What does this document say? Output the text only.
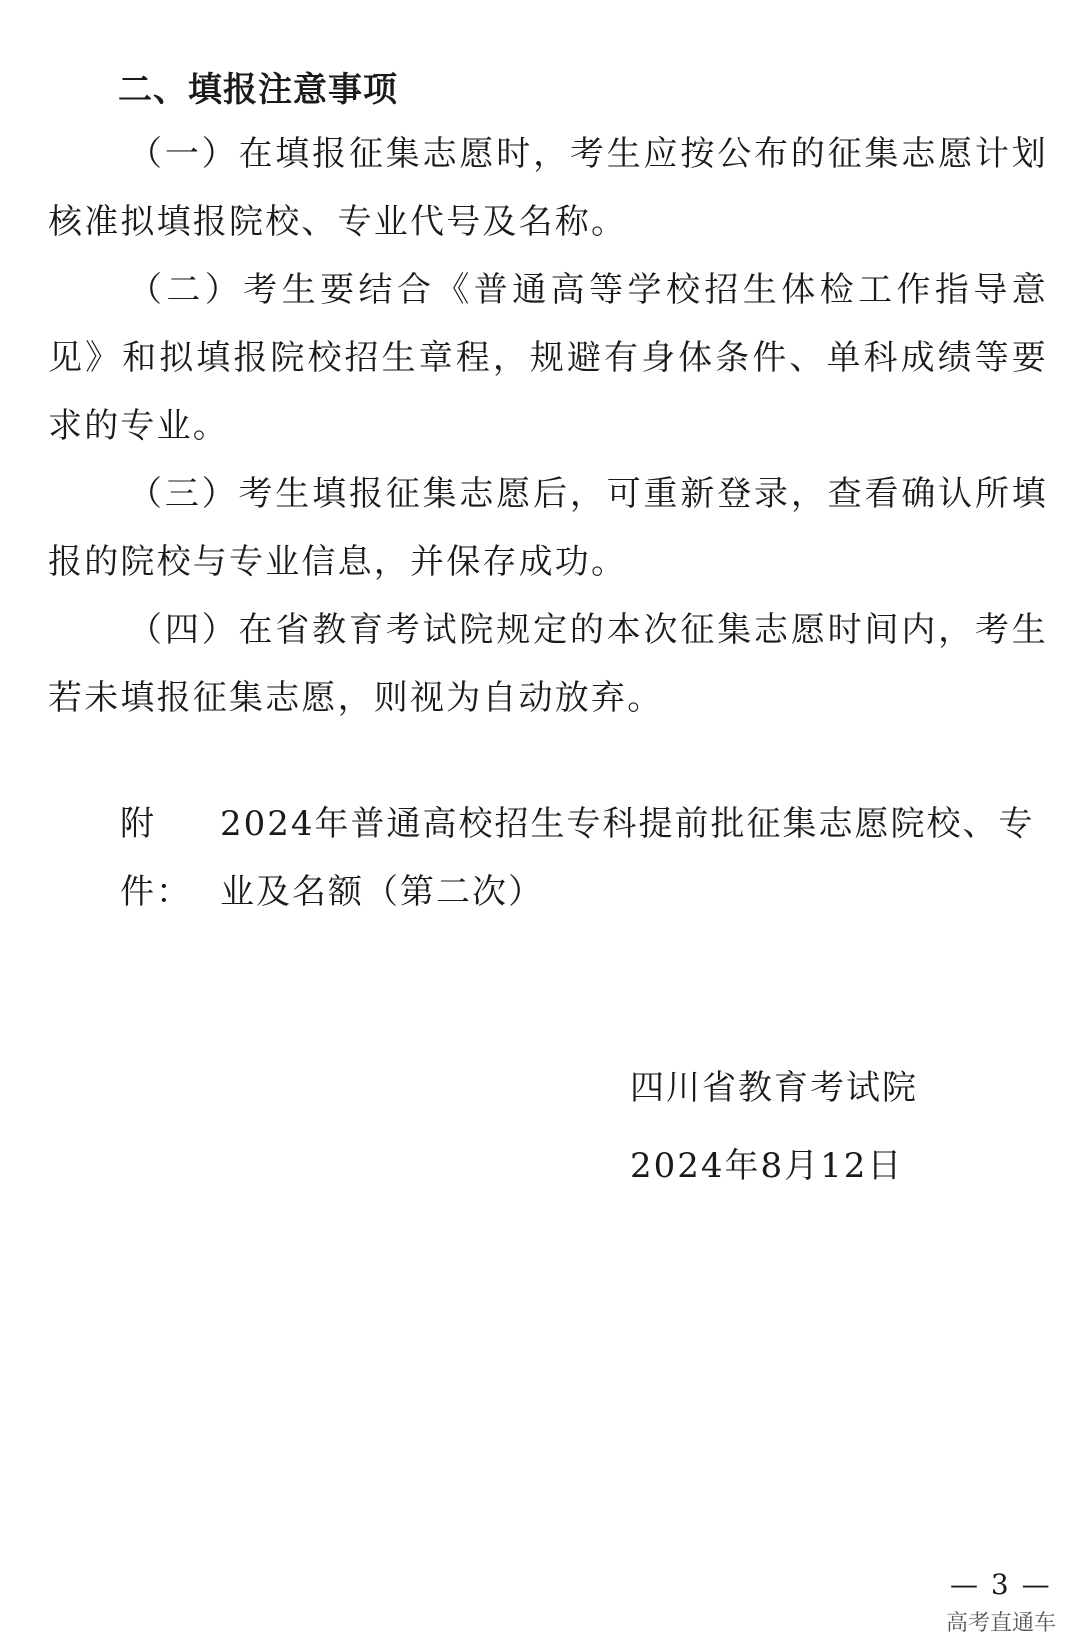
二、填报注意事项

（一）在填报征集志愿时，考生应按公布的征集志愿计划核准拟填报院校、专业代号及名称。

（二）考生要结合《普通高等学校招生体检工作指导意见》和拟填报院校招生章程，规避有身体条件、单科成绩等要求的专业。

（三）考生填报征集志愿后，可重新登录，查看确认所填报的院校与专业信息，并保存成功。

（四）在省教育考试院规定的本次征集志愿时间内，考生若未填报征集志愿，则视为自动放弃。

附件：
2024年普通高校招生专科提前批征集志愿院校、专业及名额（第二次）
四川省教育考试院
2024年8月12日
— 3 —
高考直通车
